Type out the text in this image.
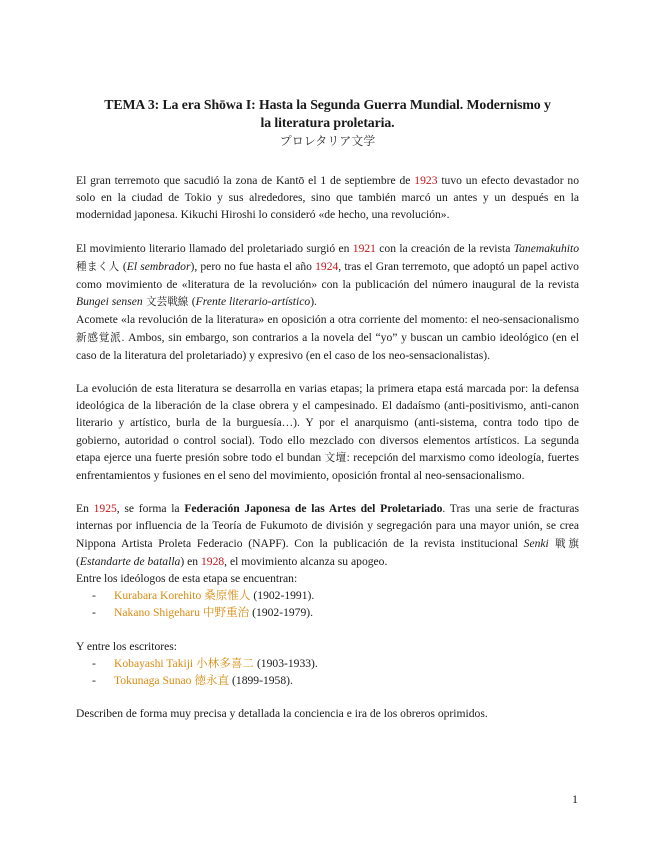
TEMA 3: La era Shōwa I: Hasta la Segunda Guerra Mundial. Modernismo y
la literatura proletaria.
プロレタリア文学

El gran terremoto que sacudió la zona de Kantō el 1 de septiembre de 1923 tuvo un efecto devastador no solo en la ciudad de Tokio y sus alrededores, sino que también marcó un antes y un después en la modernidad japonesa. Kikuchi Hiroshi lo consideró «de hecho, una revolución».

El movimiento literario llamado del proletariado surgió en 1921 con la creación de la revista Tanemakuhito 種まく人 (El sembrador), pero no fue hasta el año 1924, tras el Gran terremoto, que adoptó un papel activo como movimiento de «literatura de la revolución» con la publicación del número inaugural de la revista Bungei sensen 文芸戦線 (Frente literario-artístico).

Acomete «la revolución de la literatura» en oposición a otra corriente del momento: el neo-sensacionalismo 新感覚派. Ambos, sin embargo, son contrarios a la novela del “yo” y buscan un cambio ideológico (en el caso de la literatura del proletariado) y expresivo (en el caso de los neo-sensacionalistas).

La evolución de esta literatura se desarrolla en varias etapas; la primera etapa está marcada por: la defensa ideológica de la liberación de la clase obrera y el campesinado. El dadaísmo (anti-positivismo, anti-canon literario y artístico, burla de la burguesía…). Y por el anarquismo (anti-sistema, contra todo tipo de gobierno, autoridad o control social). Todo ello mezclado con diversos elementos artísticos. La segunda etapa ejerce una fuerte presión sobre todo el bundan 文壇: recepción del marxismo como ideología, fuertes enfrentamientos y fusiones en el seno del movimiento, oposición frontal al neo-sensacionalismo.

En 1925, se forma la Federación Japonesa de las Artes del Proletariado. Tras una serie de fracturas internas por influencia de la Teoría de Fukumoto de división y segregación para una mayor unión, se crea Nippona Artista Proleta Federacio (NAPF). Con la publicación de la revista institucional Senki 戦旗 (Estandarte de batalla) en 1928, el movimiento alcanza su apogeo.

Entre los ideólogos de esta etapa se encuentran:

- Kurabara Korehito 桑原惟人 (1902-1991).
- Nakano Shigeharu 中野重治 (1902-1979).

Y entre los escritores:

- Kobayashi Takiji 小林多喜二 (1903-1933).
- Tokunaga Sunao 徳永直 (1899-1958).

Describen de forma muy precisa y detallada la conciencia e ira de los obreros oprimidos.

1
